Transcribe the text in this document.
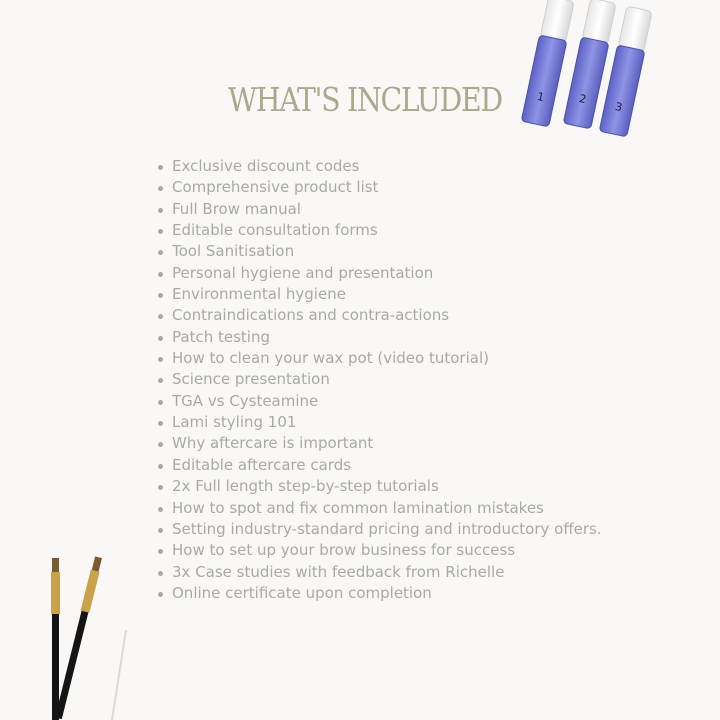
WHAT'S INCLUDED
Exclusive discount codes
Comprehensive product list
Full Brow manual
Editable consultation forms
Tool Sanitisation
Personal hygiene and presentation
Environmental hygiene
Contraindications and contra-actions
Patch testing
How to clean your wax pot (video tutorial)
Science presentation
TGA vs Cysteamine
Lami styling 101
Why aftercare is important
Editable aftercare cards
2x Full length step-by-step tutorials
How to spot and fix common lamination mistakes
Setting industry-standard pricing and introductory offers.
How to set up your brow business for success
3x Case studies with feedback from Richelle
Online certificate upon completion
1	2
3
